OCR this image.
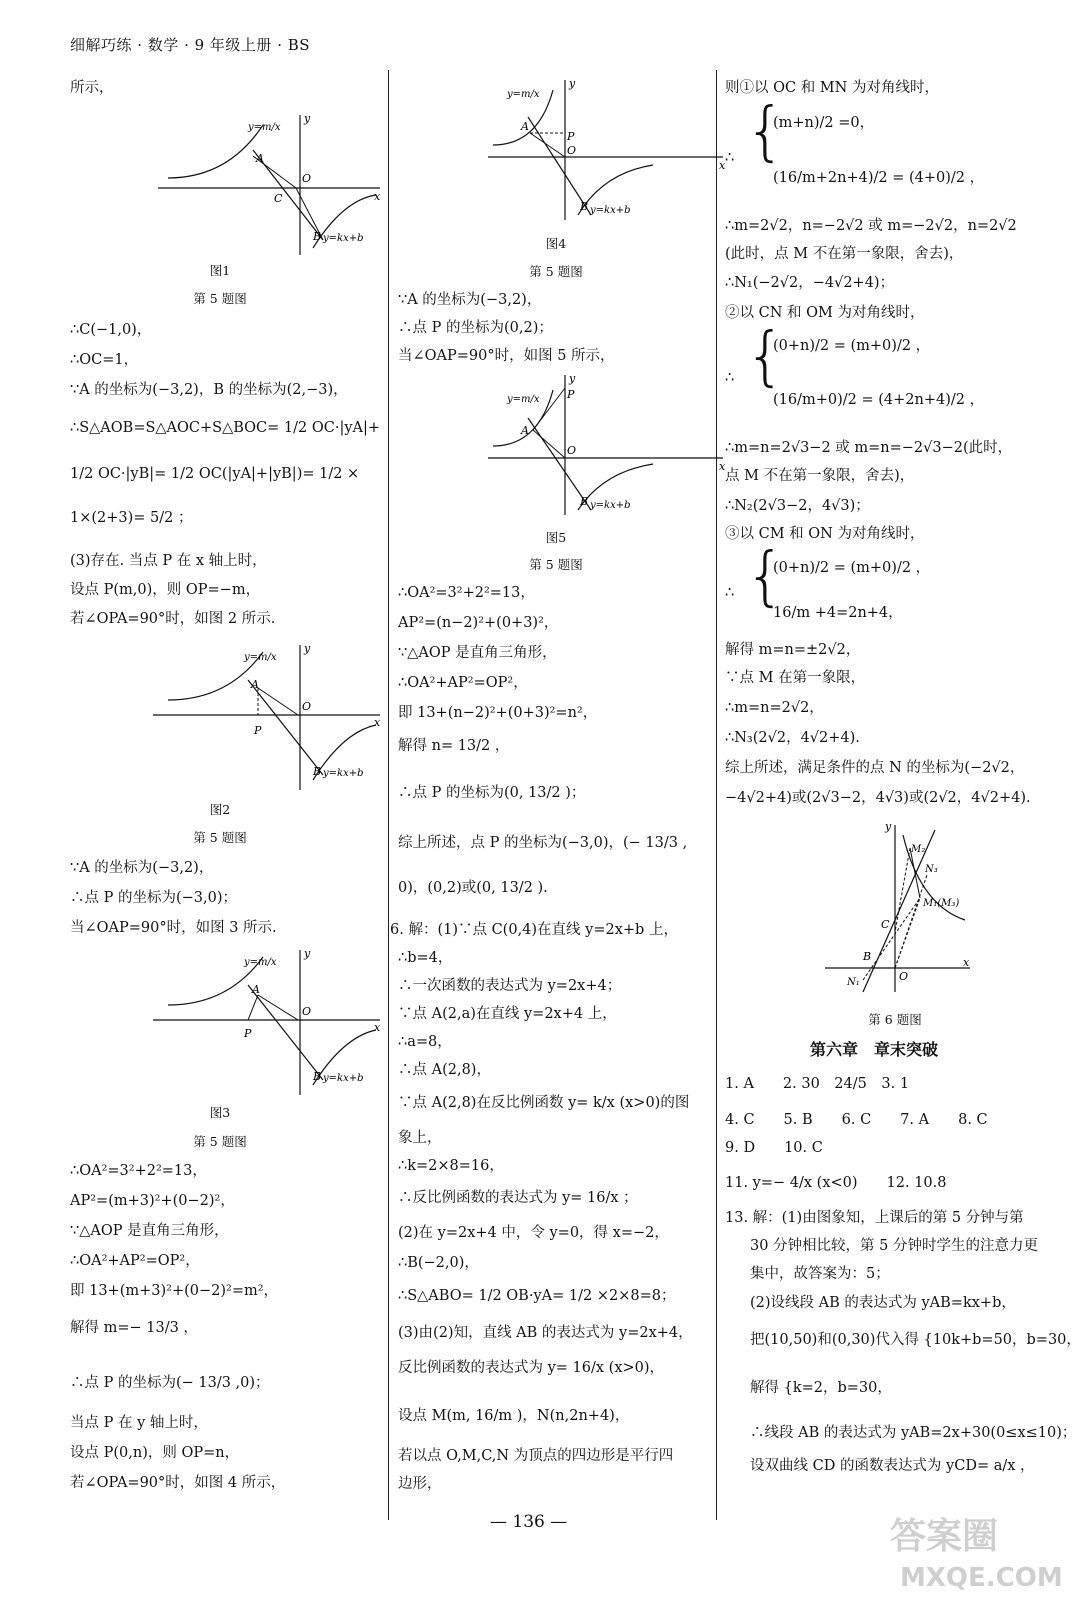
细解巧练 · 数学 · 9 年级上册 · BS

所示，

y=m/x
A
C
O
y
x
B y=kx+b

图1

第 5 题图

∴C(−1,0)，

∴OC=1，

∵A 的坐标为(−3,2)，B 的坐标为(2,−3)，

∴S△AOB=S△AOC+S△BOC= 1/2 OC·|yA|+

1/2 OC·|yB|= 1/2 OC(|yA|+|yB|)= 1/2 ×

1×(2+3)= 5/2 ；

(3)存在. 当点 P 在 x 轴上时，

设点 P(m,0)，则 OP=−m，

若∠OPA=90°时，如图 2 所示.

y=m/x
A
P
O
y
x
B y=kx+b

图2

第 5 题图

∵A 的坐标为(−3,2)，

∴点 P 的坐标为(−3,0)；

当∠OAP=90°时，如图 3 所示.

y=m/x
A
P
O
y
x
B y=kx+b

图3

第 5 题图

∴OA²=3²+2²=13，

AP²=(m+3)²+(0−2)²，

∵△AOP 是直角三角形，

∴OA²+AP²=OP²，

即 13+(m+3)²+(0−2)²=m²，

解得 m=− 13/3 ，

∴点 P 的坐标为(− 13/3 ,0)；

当点 P 在 y 轴上时，

设点 P(0,n)，则 OP=n，

若∠OPA=90°时，如图 4 所示，

y=m/x
A
P
O
y
x
B y=kx+b

图4

第 5 题图

∵A 的坐标为(−3,2)，

∴点 P 的坐标为(0,2)；

当∠OAP=90°时，如图 5 所示，

y=m/x
A
P
O
y
x
B y=kx+b

图5

第 5 题图

∴OA²=3²+2²=13，

AP²=(n−2)²+(0+3)²，

∵△AOP 是直角三角形，

∴OA²+AP²=OP²，

即 13+(n−2)²+(0+3)²=n²，

解得 n= 13/2 ，

∴点 P 的坐标为(0, 13/2 )；

综上所述，点 P 的坐标为(−3,0)，(− 13/3 ,

0)，(0,2)或(0, 13/2 ).

6. 解：(1)∵点 C(0,4)在直线 y=2x+b 上，

∴b=4，

∴一次函数的表达式为 y=2x+4；

∵点 A(2,a)在直线 y=2x+4 上，

∴a=8，

∴点 A(2,8)，

∵点 A(2,8)在反比例函数 y= k/x (x>0)的图

象上，

∴k=2×8=16，

∴反比例函数的表达式为 y= 16/x ；

(2)在 y=2x+4 中，令 y=0，得 x=−2，

∴B(−2,0)，

∴S△ABO= 1/2 OB·yA= 1/2 ×2×8=8；

(3)由(2)知，直线 AB 的表达式为 y=2x+4，

反比例函数的表达式为 y= 16/x (x>0)，

设点 M(m, 16/m )，N(n,2n+4)，

若以点 O,M,C,N 为顶点的四边形是平行四

边形，

则①以 OC 和 MN 为对角线时，

{

(m+n)/2 =0，

(16/m+2n+4)/2 = (4+0)/2 ，

∴

∴m=2√2，n=−2√2 或 m=−2√2，n=2√2

(此时，点 M 不在第一象限，舍去)，

∴N₁(−2√2，−4√2+4)；

②以 CN 和 OM 为对角线时，

{

(0+n)/2 = (m+0)/2 ，

(16/m+0)/2 = (4+2n+4)/2 ，

∴

∴m=n=2√3−2 或 m=n=−2√3−2(此时，

点 M 不在第一象限，舍去)，

∴N₂(2√3−2，4√3)；

③以 CM 和 ON 为对角线时，

{

(0+n)/2 = (m+0)/2 ，

16/m +4=2n+4，

∴

解得 m=n=±2√2，

∵点 M 在第一象限，

∴m=n=2√2，

∴N₃(2√2，4√2+4).

综上所述，满足条件的点 N 的坐标为(−2√2，

−4√2+4)或(2√3−2，4√3)或(2√2，4√2+4).

y
M₂
N₃
M₁(M₃)
C
B
O
N₁
x

第 6 题图

第六章　章末突破

1. A　　2. 30　24/5　3. 1

4. C　　5. B　　6. C　　7. A　　8. C

9. D　　10. C

11. y=− 4/x (x<0)　　12. 10.8

13. 解：(1)由图象知，上课后的第 5 分钟与第

30 分钟相比较，第 5 分钟时学生的注意力更

集中，故答案为：5；

(2)设线段 AB 的表达式为 yAB=kx+b，

把(10,50)和(0,30)代入得 {10k+b=50，b=30，

解得 {k=2，b=30，

∴线段 AB 的表达式为 yAB=2x+30(0≤x≤10)；

设双曲线 CD 的函数表达式为 yCD= a/x ，

— 136 —	答案圈
MXQE.COM
